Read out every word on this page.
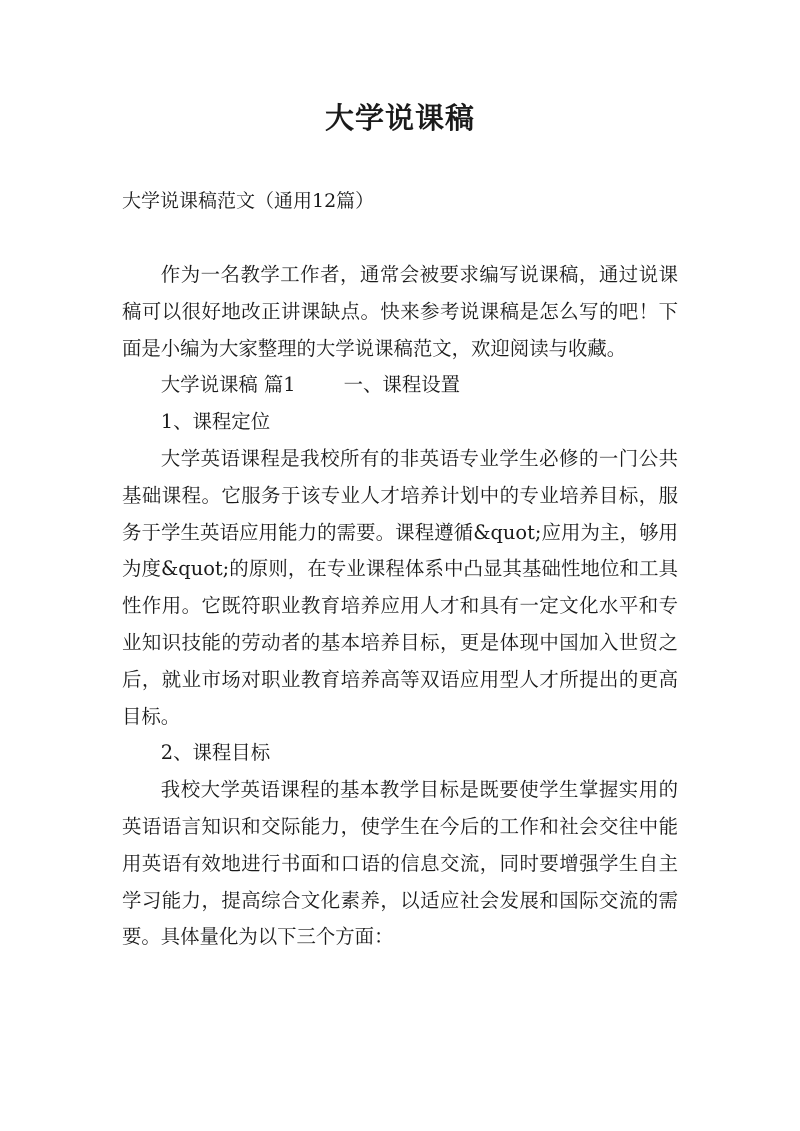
大学说课稿
大学说课稿范文（通用12篇）

作为一名教学工作者，通常会被要求编写说课稿，通过说课稿可以很好地改正讲课缺点。快来参考说课稿是怎么写的吧！下面是小编为大家整理的大学说课稿范文，欢迎阅读与收藏。

大学说课稿 篇1 一、课程设置

1、课程定位

大学英语课程是我校所有的非英语专业学生必修的一门公共基础课程。它服务于该专业人才培养计划中的专业培养目标，服务于学生英语应用能力的需要。课程遵循&quot;应用为主，够用为度&quot;的原则，在专业课程体系中凸显其基础性地位和工具性作用。它既符职业教育培养应用人才和具有一定文化水平和专业知识技能的劳动者的基本培养目标，更是体现中国加入世贸之后，就业市场对职业教育培养高等双语应用型人才所提出的更高目标。

2、课程目标

我校大学英语课程的基本教学目标是既要使学生掌握实用的英语语言知识和交际能力，使学生在今后的工作和社会交往中能用英语有效地进行书面和口语的信息交流，同时要增强学生自主学习能力，提高综合文化素养，以适应社会发展和国际交流的需要。具体量化为以下三个方面：
